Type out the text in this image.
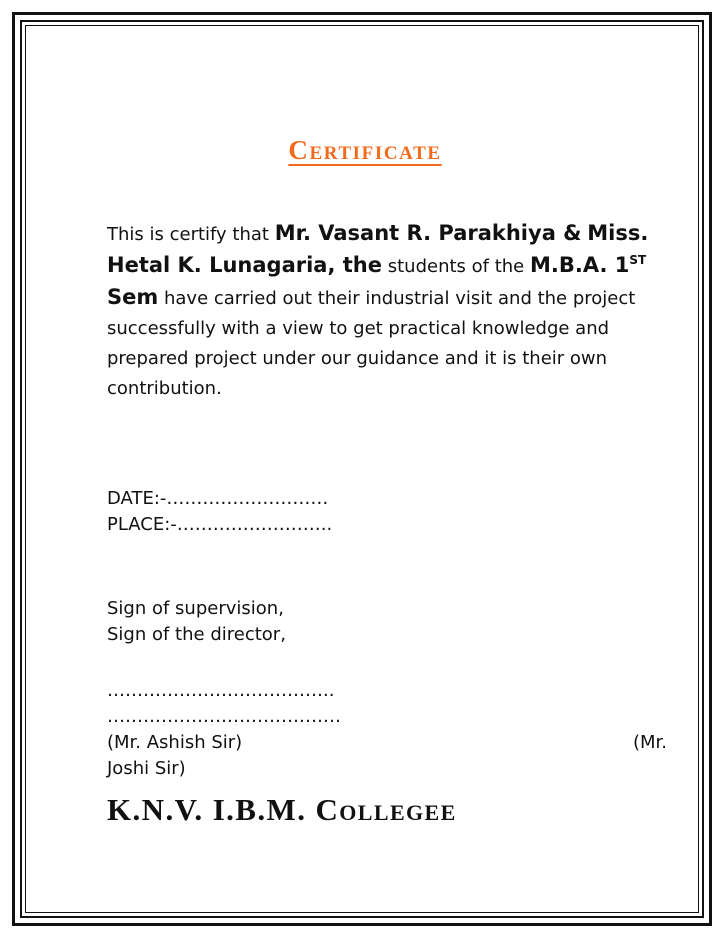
Certificate

This is certify that Mr. Vasant R. Parakhiya & Miss. Hetal K. Lunagaria, the students of the M.B.A. 1ST Sem have carried out their industrial visit and the project successfully with a view to get practical knowledge and prepared project under our guidance and it is their own contribution.

DATE:-………………………

PLACE:-……………………..

Sign of supervision,

Sign of the director,

………………………………..

…………………………………

(Mr. Ashish Sir)	(Mr.

Joshi Sir)

K.N.V. I.B.M. Collegee
